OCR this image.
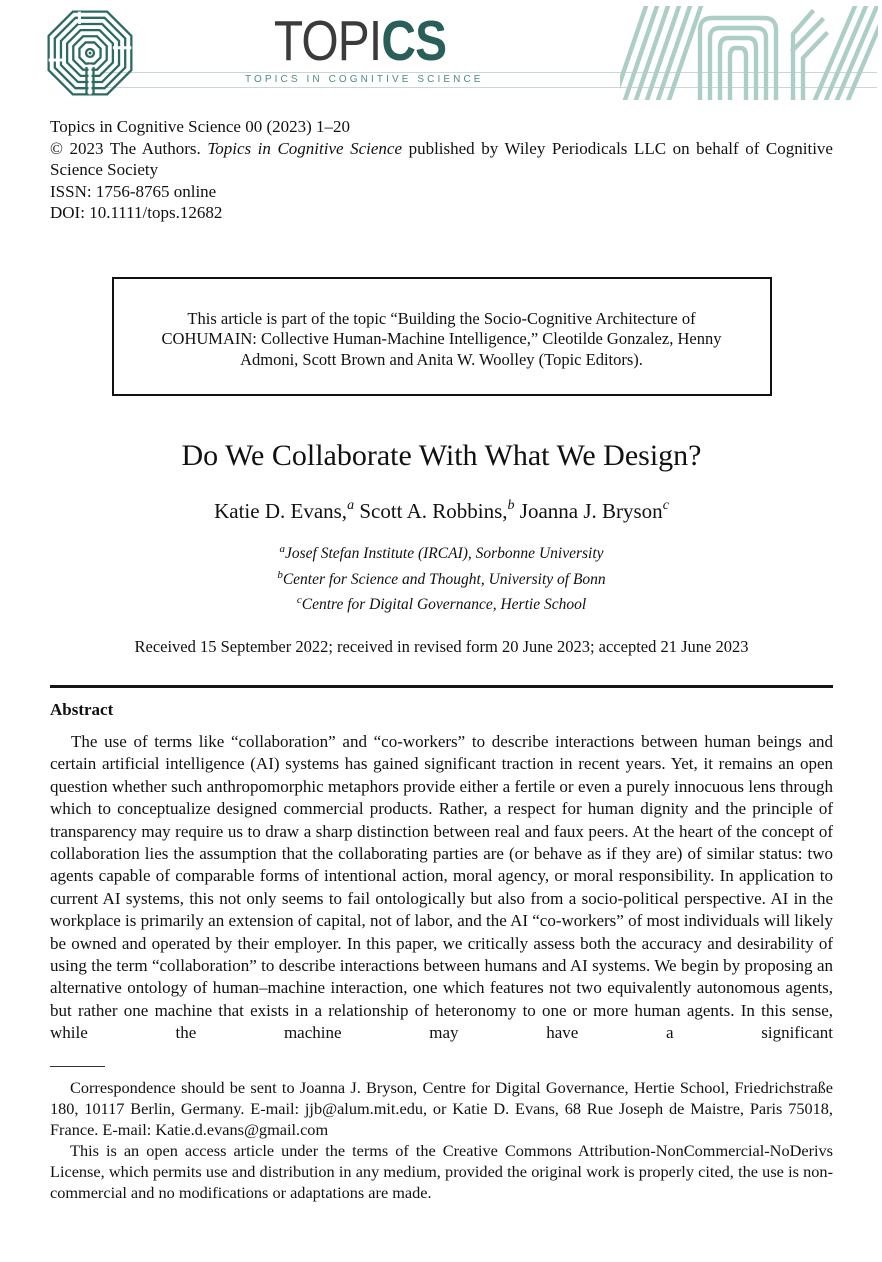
TOPICS
TOPICS IN COGNITIVE SCIENCE
Topics in Cognitive Science 00 (2023) 1–20
© 2023 The Authors. Topics in Cognitive Science published by Wiley Periodicals LLC on behalf of Cognitive Science Society
ISSN: 1756-8765 online
DOI: 10.1111/tops.12682
This article is part of the topic “Building the Socio-Cognitive Architecture of COHUMAIN: Collective Human-Machine Intelligence,” Cleotilde Gonzalez, Henny Admoni, Scott Brown and Anita W. Woolley (Topic Editors).
Do We Collaborate With What We Design?
Katie D. Evans,$^a$ Scott A. Robbins,$^b$ Joanna J. Bryson$^c$
$^a$Josef Stefan Institute (IRCAI), Sorbonne University
$^b$Center for Science and Thought, University of Bonn
$^c$Centre for Digital Governance, Hertie School
Received 15 September 2022; received in revised form 20 June 2023; accepted 21 June 2023
Abstract

The use of terms like “collaboration” and “co-workers” to describe interactions between human beings and certain artificial intelligence (AI) systems has gained significant traction in recent years. Yet, it remains an open question whether such anthropomorphic metaphors provide either a fertile or even a purely innocuous lens through which to conceptualize designed commercial products. Rather, a respect for human dignity and the principle of transparency may require us to draw a sharp distinction between real and faux peers. At the heart of the concept of collaboration lies the assumption that the collaborating parties are (or behave as if they are) of similar status: two agents capable of comparable forms of intentional action, moral agency, or moral responsibility. In application to current AI systems, this not only seems to fail ontologically but also from a socio-political perspective. AI in the workplace is primarily an extension of capital, not of labor, and the AI “co-workers” of most individuals will likely be owned and operated by their employer. In this paper, we critically assess both the accuracy and desirability of using the term “collaboration” to describe interactions between humans and AI systems. We begin by proposing an alternative ontology of human–machine interaction, one which features not two equivalently autonomous agents, but rather one machine that exists in a relationship of heteronomy to one or more human agents. In this sense, while the machine may have a significant

Correspondence should be sent to Joanna J. Bryson, Centre for Digital Governance, Hertie School, Friedrichstraße 180, 10117 Berlin, Germany. E-mail: jjb@alum.mit.edu, or Katie D. Evans, 68 Rue Joseph de Maistre, Paris 75018, France. E-mail: Katie.d.evans@gmail.com

This is an open access article under the terms of the Creative Commons Attribution-NonCommercial-NoDerivs License, which permits use and distribution in any medium, provided the original work is properly cited, the use is non-commercial and no modifications or adaptations are made.
